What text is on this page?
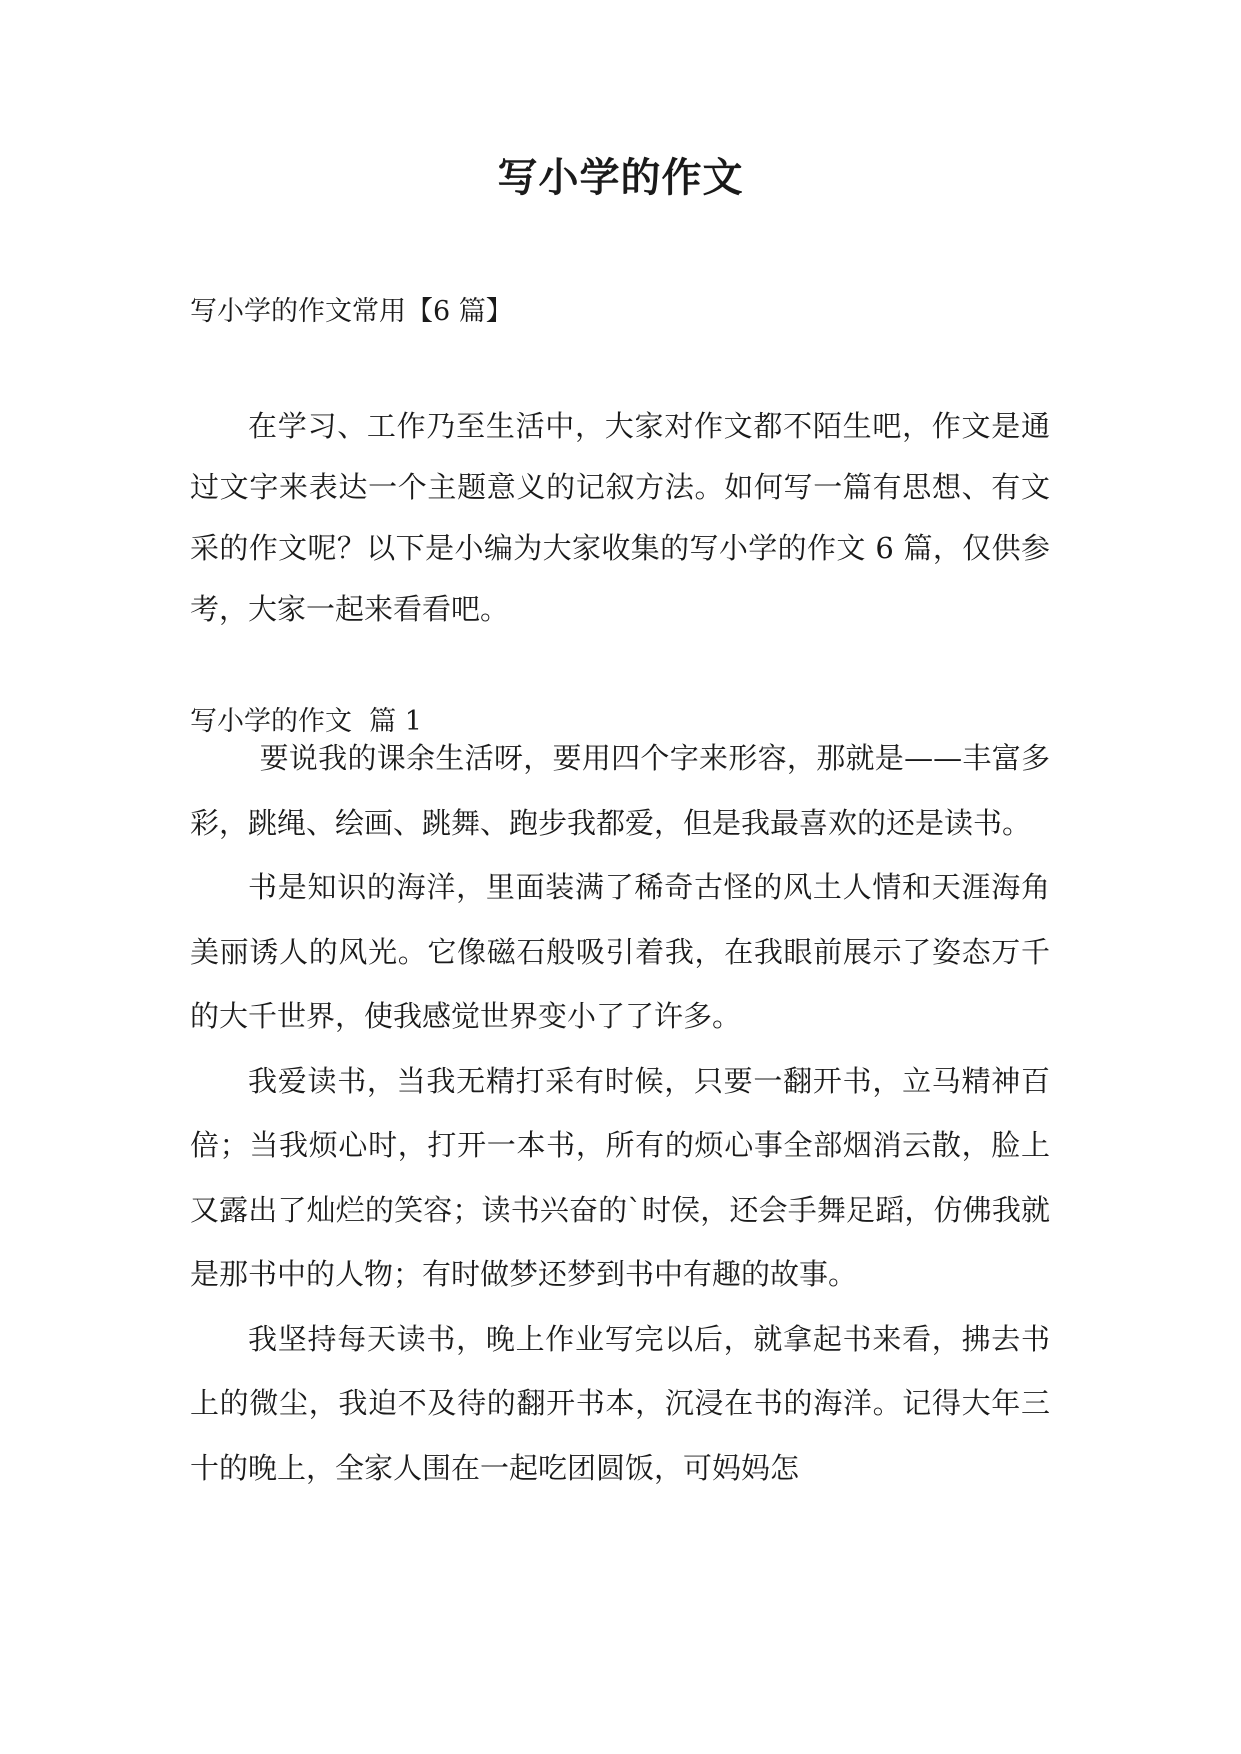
写小学的作文
写小学的作文常用【6 篇】

在学习、工作乃至生活中，大家对作文都不陌生吧，作文是通过文字来表达一个主题意义的记叙方法。如何写一篇有思想、有文采的作文呢？以下是小编为大家收集的写小学的作文 6 篇，仅供参考，大家一起来看看吧。

写小学的作文  篇 1

要说我的课余生活呀，要用四个字来形容，那就是——丰富多彩，跳绳、绘画、跳舞、跑步我都爱，但是我最喜欢的还是读书。

书是知识的海洋，里面装满了稀奇古怪的风土人情和天涯海角美丽诱人的风光。它像磁石般吸引着我，在我眼前展示了姿态万千的大千世界，使我感觉世界变小了了许多。

我爱读书，当我无精打采有时候，只要一翻开书，立马精神百倍；当我烦心时，打开一本书，所有的烦心事全部烟消云散，脸上又露出了灿烂的笑容；读书兴奋的`时侯，还会手舞足蹈，仿佛我就是那书中的人物；有时做梦还梦到书中有趣的故事。

我坚持每天读书，晚上作业写完以后，就拿起书来看，拂去书上的微尘，我迫不及待的翻开书本，沉浸在书的海洋。记得大年三十的晚上，全家人围在一起吃团圆饭，可妈妈怎
